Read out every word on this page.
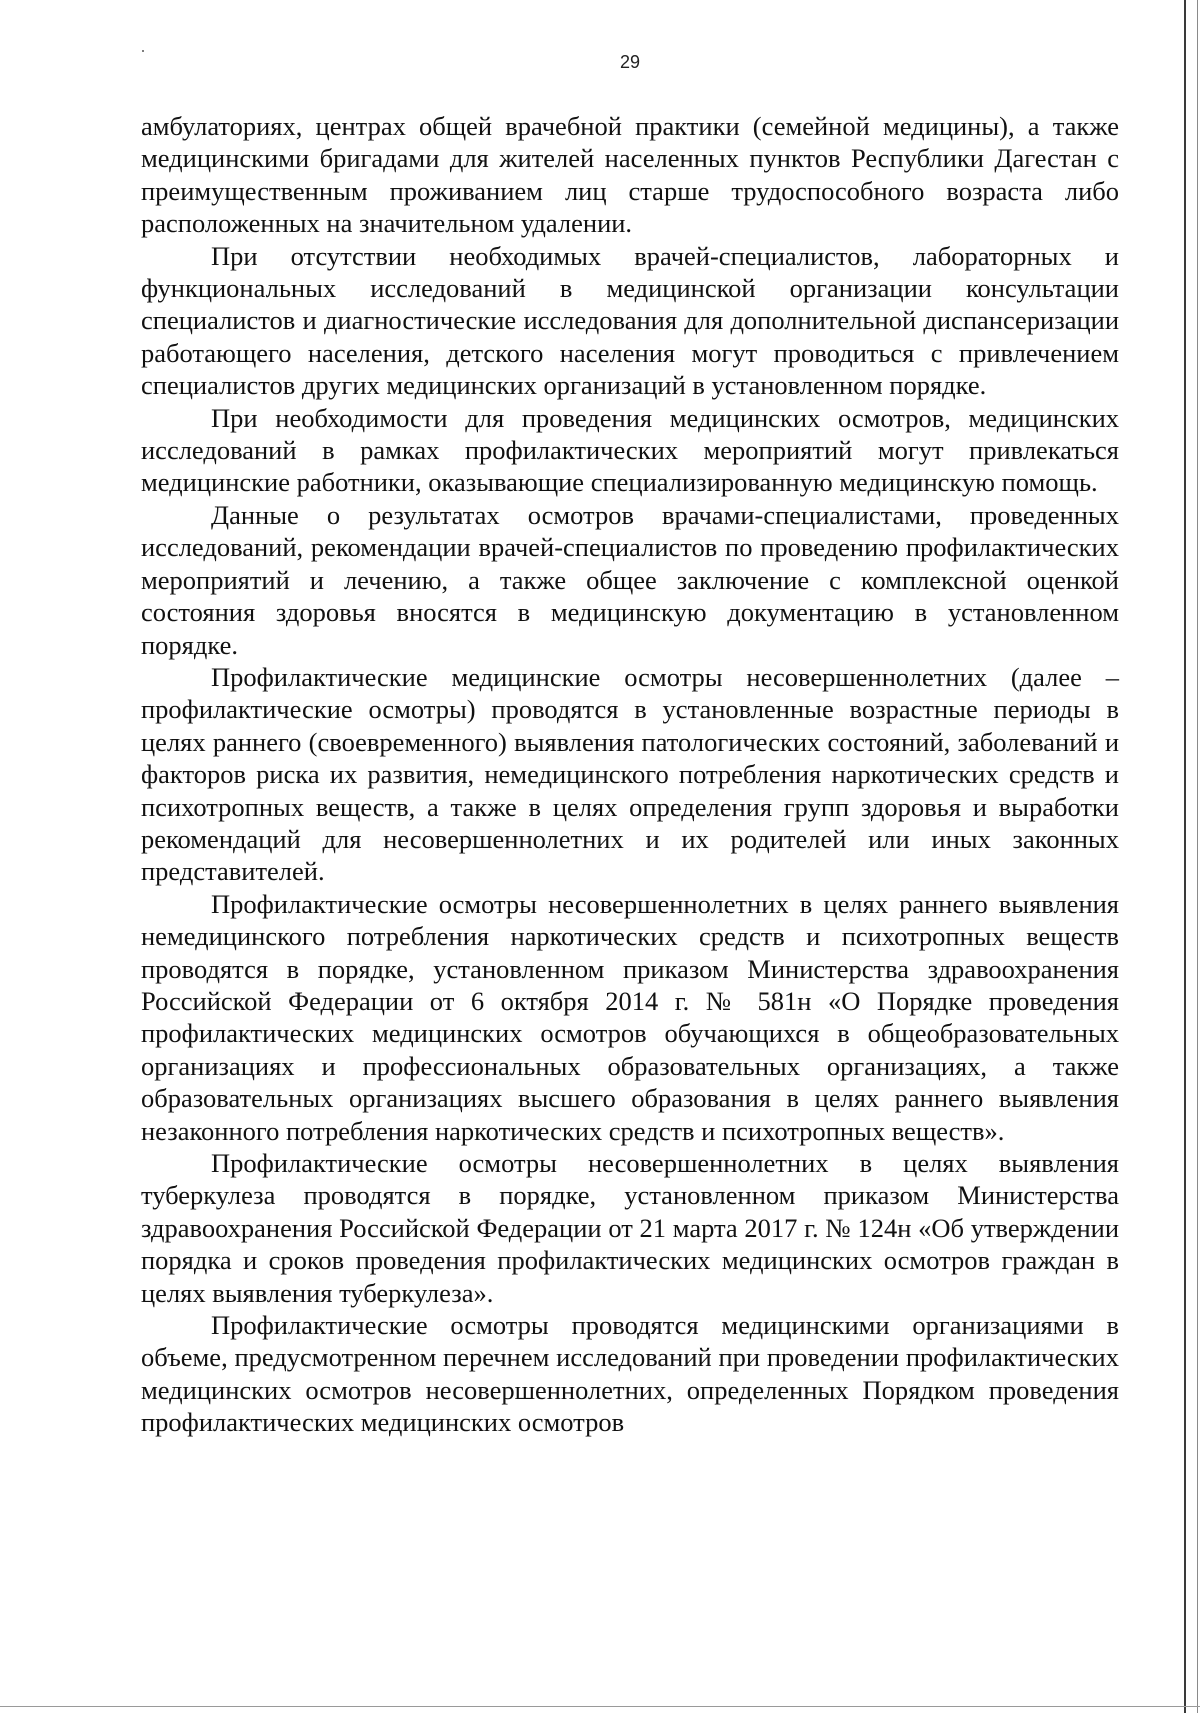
29

амбулаториях, центрах общей врачебной практики (семейной медицины), а также медицинскими бригадами для жителей населенных пунктов Республики Дагестан с преимущественным проживанием лиц старше трудоспособного возраста либо расположенных на значительном удалении.

При отсутствии необходимых врачей-специалистов, лабораторных и функциональных исследований в медицинской организации консультации специалистов и диагностические исследования для дополнительной диспансеризации работающего населения, детского населения могут проводиться с привлечением специалистов других медицинских организаций в установленном порядке.

При необходимости для проведения медицинских осмотров, медицинских исследований в рамках профилактических мероприятий могут привлекаться медицинские работники, оказывающие специализированную медицинскую помощь.

Данные о результатах осмотров врачами-специалистами, проведенных исследований, рекомендации врачей-специалистов по проведению профилактических мероприятий и лечению, а также общее заключение с комплексной оценкой состояния здоровья вносятся в медицинскую документацию в установленном порядке.

Профилактические медицинские осмотры несовершеннолетних (далее – профилактические осмотры) проводятся в установленные возрастные периоды в целях раннего (своевременного) выявления патологических состояний, заболеваний и факторов риска их развития, немедицинского потребления наркотических средств и психотропных веществ, а также в целях определения групп здоровья и выработки рекомендаций для несовершеннолетних и их родителей или иных законных представителей.

Профилактические осмотры несовершеннолетних в целях раннего выявления немедицинского потребления наркотических средств и психотропных веществ проводятся в порядке, установленном приказом Министерства здравоохранения Российской Федерации от 6 октября 2014 г. № 581н «О Порядке проведения профилактических медицинских осмотров обучающихся в общеобразовательных организациях и профессиональных образовательных организациях, а также образовательных организациях высшего образования в целях раннего выявления незаконного потребления наркотических средств и психотропных веществ».

Профилактические осмотры несовершеннолетних в целях выявления туберкулеза проводятся в порядке, установленном приказом Министерства здравоохранения Российской Федерации от 21 марта 2017 г. № 124н «Об утверждении порядка и сроков проведения профилактических медицинских осмотров граждан в целях выявления туберкулеза».

Профилактические осмотры проводятся медицинскими организациями в объеме, предусмотренном перечнем исследований при проведении профилактических медицинских осмотров несовершеннолетних, определенных Порядком проведения профилактических медицинских осмотров
